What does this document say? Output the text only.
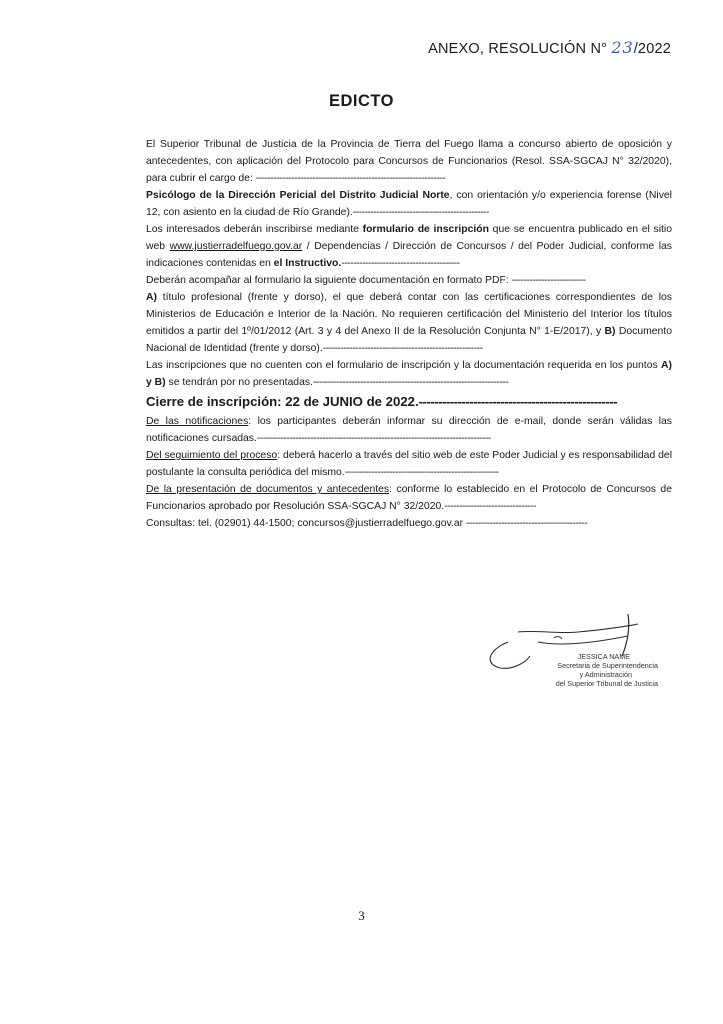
ANEXO, RESOLUCIÓN N° 23/2022
EDICTO

El Superior Tribunal de Justicia de la Provincia de Tierra del Fuego llama a concurso abierto de oposición y antecedentes, con aplicación del Protocolo para Concursos de Funcionarios (Resol. SSA-SGCAJ N° 32/2020), para cubrir el cargo de: ----------------------------------------------------------------

Psicólogo de la Dirección Pericial del Distrito Judicial Norte, con orientación y/o experiencia forense (Nivel 12, con asiento en la ciudad de Río Grande).----------------------------------------------

Los interesados deberán inscribirse mediante formulario de inscripción que se encuentra publicado en el sitio web www.justierradelfuego.gov.ar / Dependencias / Dirección de Concursos / del Poder Judicial, conforme las indicaciones contenidas en el Instructivo.----------------------------------------

Deberán acompañar al formulario la siguiente documentación en formato PDF: -------------------------

A) título profesional (frente y dorso), el que deberá contar con las certificaciones correspondientes de los Ministerios de Educación e Interior de la Nación. No requieren certificación del Ministerio del Interior los títulos emitidos a partir del 1º/01/2012 (Art. 3 y 4 del Anexo II de la Resolución Conjunta N° 1-E/2017), y B) Documento Nacional de Identidad (frente y dorso).------------------------------------------------------

Las inscripciones que no cuenten con el formulario de inscripción y la documentación requerida en los puntos A) y B) se tendrán por no presentadas.------------------------------------------------------------------

Cierre de inscripción: 22 de JUNIO de 2022.---------------------------------------------------

De las notificaciones: los participantes deberán informar su dirección de e-mail, donde serán válidas las notificaciones cursadas.-------------------------------------------------------------------------------

Del seguimiento del proceso: deberá hacerlo a través del sitio web de este Poder Judicial y es responsabilidad del postulante la consulta periódica del mismo.----------------------------------------------------

De la presentación de documentos y antecedentes: conforme lo establecido en el Protocolo de Concursos de Funcionarios aprobado por Resolución SSA-SGCAJ N° 32/2020.-------------------------------

Consultas: tel. (02901) 44-1500; concursos@justierradelfuego.gov.ar -----------------------------------------

JESSICA NAME
Secretaria de Superintendencia
y Administración
del Superior Tribunal de Justicia
3
